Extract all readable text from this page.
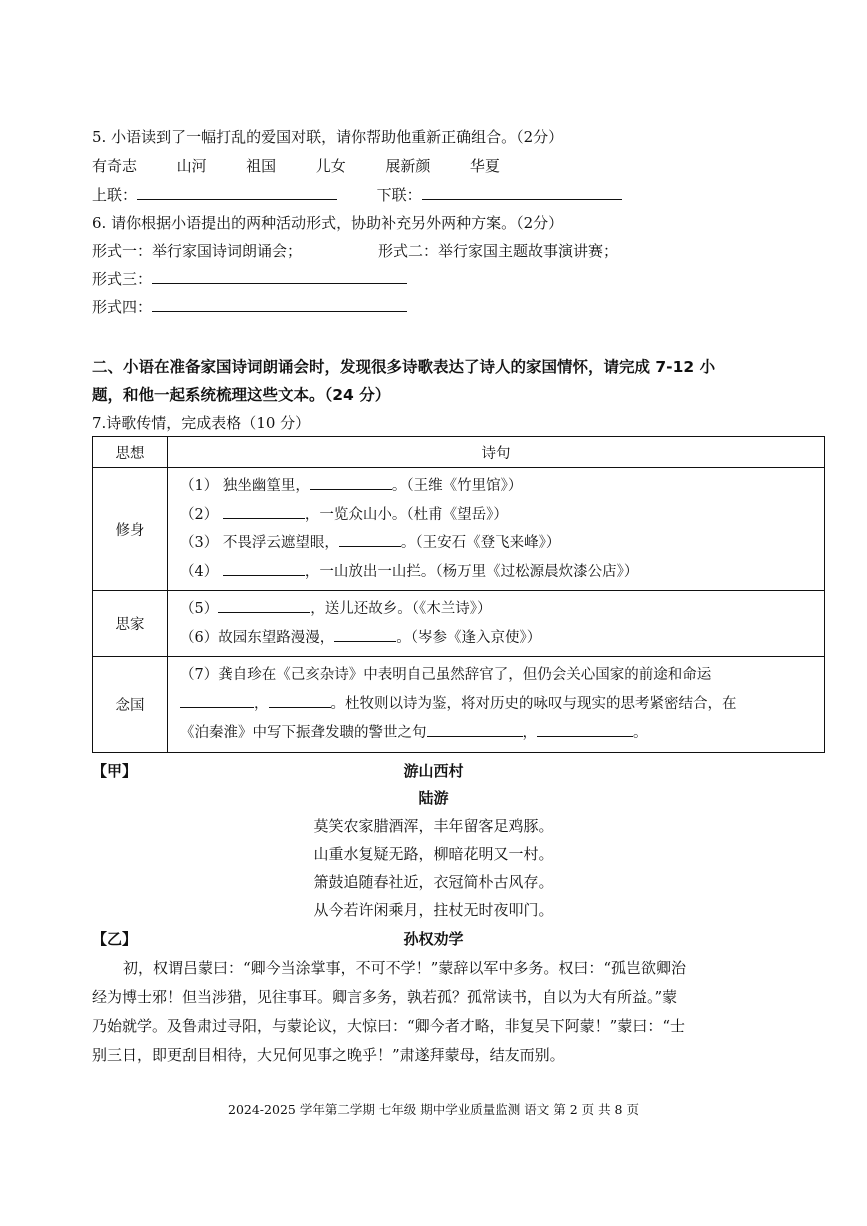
5. 小语读到了一幅打乱的爱国对联，请你帮助他重新正确组合。（2分）
有奇志	山河	祖国	儿女	展新颜	华夏
上联：	下联：
6. 请你根据小语提出的两种活动形式，协助补充另外两种方案。（2分）
形式一：举行家国诗词朗诵会；	形式二：举行家国主题故事演讲赛；
形式三：
形式四：
二、小语在准备家国诗词朗诵会时，发现很多诗歌表达了诗人的家国情怀，请完成 7-12 小
题，和他一起系统梳理这些文本。（24 分）
7.诗歌传情，完成表格（10 分）
思想	诗句
修身	（1） 独坐幽篁里， 。（王维《竹里馆》）
（2） ，一览众山小。（杜甫《望岳》）
（3） 不畏浮云遮望眼， 。（王安石《登飞来峰》）
（4） ，一山放出一山拦。（杨万里《过松源晨炊漆公店》）

思家	（5） ，送儿还故乡。（《木兰诗》）
（6）故园东望路漫漫， 。（岑参《逢入京使》）

念国	（7）龚自珍在《己亥杂诗》中表明自己虽然辞官了，但仍会关心国家的前途和命运
， 。杜牧则以诗为鉴，将对历史的咏叹与现实的思考紧密结合，在
《泊秦淮》中写下振聋发聩的警世之句 ， 。
【甲】	游山西村
陆游
莫笑农家腊酒浑，丰年留客足鸡豚。
山重水复疑无路，柳暗花明又一村。
箫鼓追随春社近，衣冠简朴古风存。
从今若许闲乘月，拄杖无时夜叩门。
【乙】	孙权劝学
初，权谓吕蒙曰：“卿今当涂掌事，不可不学！”蒙辞以军中多务。权曰：“孤岂欲卿治
经为博士邪！但当涉猎，见往事耳。卿言多务，孰若孤？孤常读书，自以为大有所益。”蒙
乃始就学。及鲁肃过寻阳，与蒙论议，大惊曰：“卿今者才略，非复吴下阿蒙！”蒙曰：“士
别三日，即更刮目相待，大兄何见事之晚乎！”肃遂拜蒙母，结友而别。
2024-2025 学年第二学期 七年级 期中学业质量监测 语文 第 2 页 共 8 页
